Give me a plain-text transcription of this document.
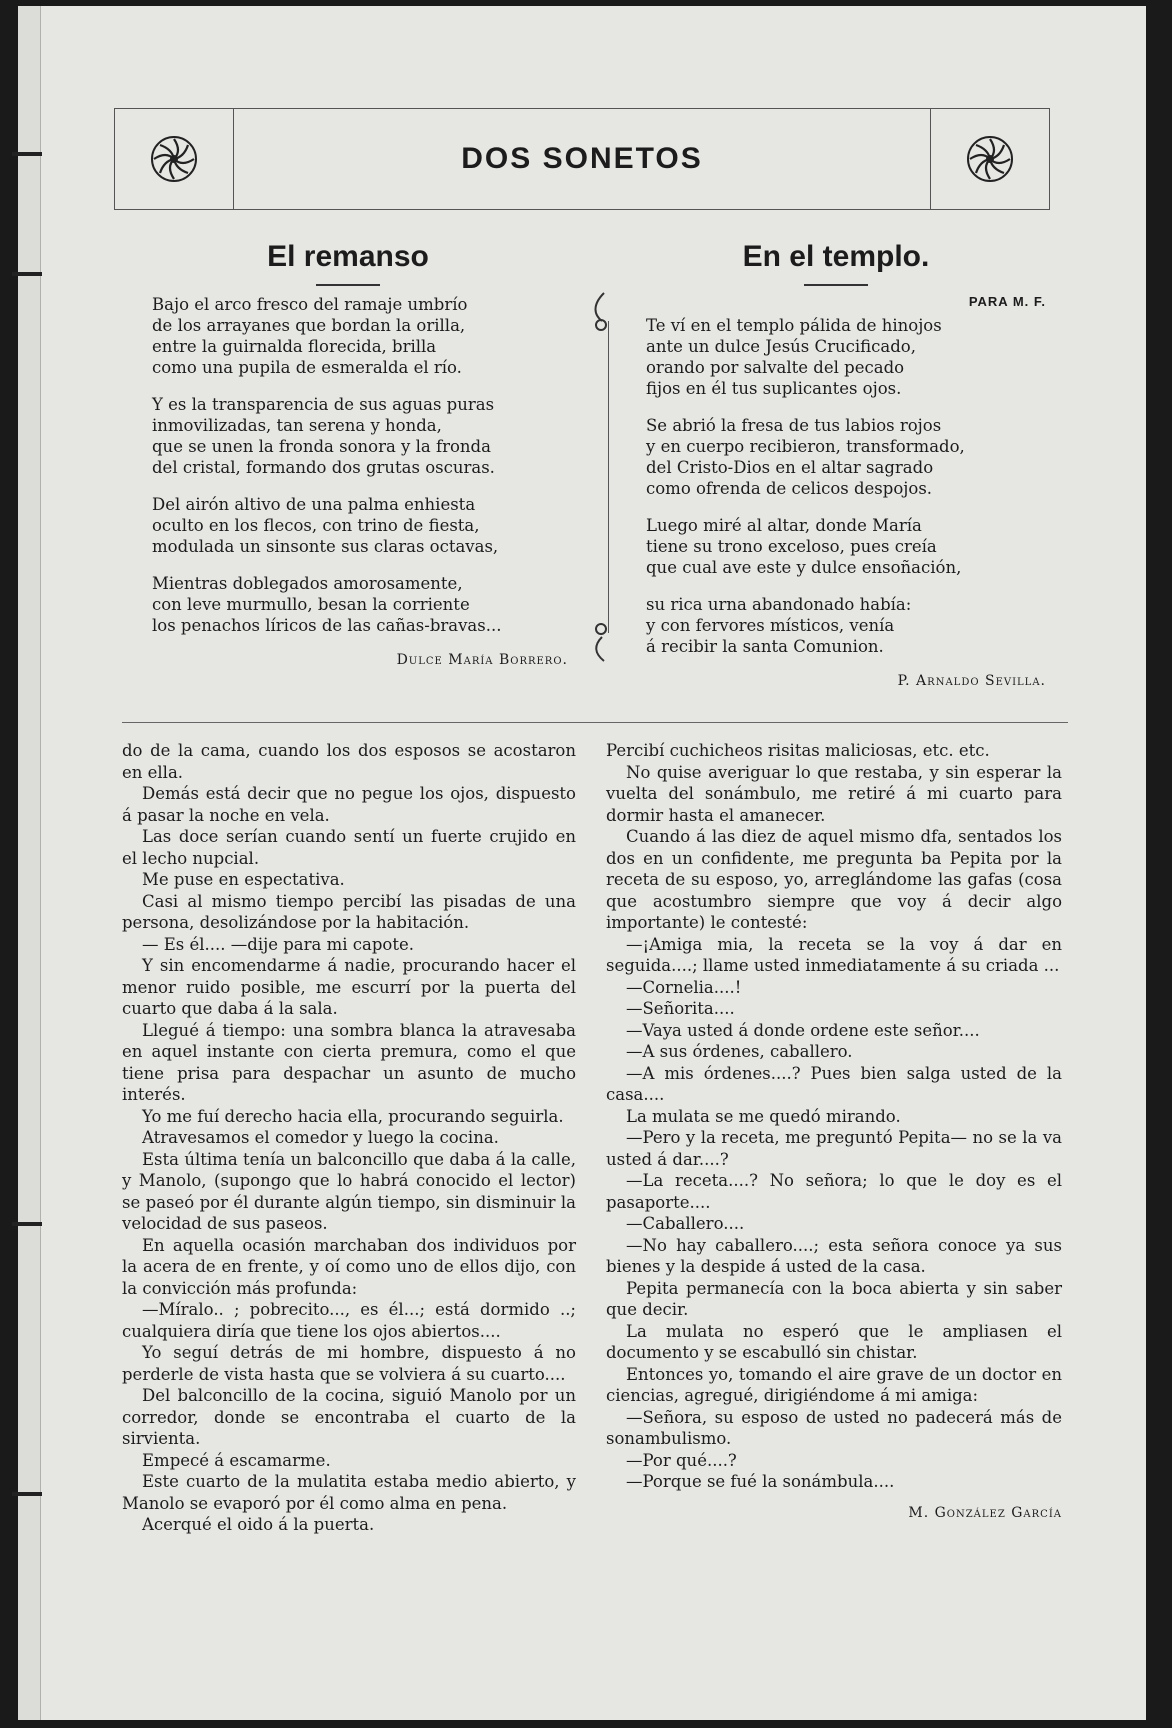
DOS SONETOS
El remanso
Bajo el arco fresco del ramaje umbrío
de los arrayanes que bordan la orilla,
entre la guirnalda florecida, brilla
como una pupila de esmeralda el río.
Y es la transparencia de sus aguas puras
inmovilizadas, tan serena y honda,
que se unen la fronda sonora y la fronda
del cristal, formando dos grutas oscuras.
Del airón altivo de una palma enhiesta
oculto en los flecos, con trino de fiesta,
modulada un sinsonte sus claras octavas,
Mientras doblegados amorosamente,
con leve murmullo, besan la corriente
los penachos líricos de las cañas-bravas...
Dulce María Borrero.
En el templo.
PARA M. F.
Te ví en el templo pálida de hinojos
ante un dulce Jesús Crucificado,
orando por salvalte del pecado
fijos en él tus suplicantes ojos.
Se abrió la fresa de tus labios rojos
y en cuerpo recibieron, transformado,
del Cristo-Dios en el altar sagrado
como ofrenda de celicos despojos.
Luego miré al altar, donde María
tiene su trono exceloso, pues creía
que cual ave este y dulce ensoñación,
su rica urna abandonado había:
y con fervores místicos, venía
á recibir la santa Comunion.
P. Arnaldo Sevilla.

do de la cama, cuando los dos esposos se acostaron en ella.

Demás está decir que no pegue los ojos, dispuesto á pasar la noche en vela.

Las doce serían cuando sentí un fuerte crujido en el lecho nupcial.

Me puse en espectativa.

Casi al mismo tiempo percibí las pisadas de una persona, desolizándose por la habitación.

— Es él.... —dije para mi capote.

Y sin encomendarme á nadie, procurando hacer el menor ruido posible, me escurrí por la puerta del cuarto que daba á la sala.

Llegué á tiempo: una sombra blanca la atravesaba en aquel instante con cierta premura, como el que tiene prisa para despachar un asunto de mucho interés.

Yo me fuí derecho hacia ella, procurando seguirla.

Atravesamos el comedor y luego la cocina.

Esta última tenía un balconcillo que daba á la calle, y Manolo, (supongo que lo habrá conocido el lector) se paseó por él durante algún tiempo, sin disminuir la velocidad de sus paseos.

En aquella ocasión marchaban dos individuos por la acera de en frente, y oí como uno de ellos dijo, con la convicción más profunda:

—Míralo.. ; pobrecito..., es él...; está dormido ..; cualquiera diría que tiene los ojos abiertos....

Yo seguí detrás de mi hombre, dispuesto á no perderle de vista hasta que se volviera á su cuarto....

Del balconcillo de la cocina, siguió Manolo por un corredor, donde se encontraba el cuarto de la sirvienta.

Empecé á escamarme.

Este cuarto de la mulatita estaba medio abierto, y Manolo se evaporó por él como alma en pena.

Acerqué el oido á la puerta.

Percibí cuchicheos risitas maliciosas, etc. etc.

No quise averiguar lo que restaba, y sin esperar la vuelta del sonámbulo, me retiré á mi cuarto para dormir hasta el amanecer.

Cuando á las diez de aquel mismo dfa, sentados los dos en un confidente, me pregunta ba Pepita por la receta de su esposo, yo, arreglándome las gafas (cosa que acostumbro siempre que voy á decir algo importante) le contesté:

—¡Amiga mia, la receta se la voy á dar en seguida....; llame usted inmediatamente á su criada ...

—Cornelia....!

—Señorita....

—Vaya usted á donde ordene este señor....

—A sus órdenes, caballero.

—A mis órdenes....? Pues bien salga usted de la casa....

La mulata se me quedó mirando.

—Pero y la receta, me preguntó Pepita— no se la va usted á dar....?

—La receta....? No señora; lo que le doy es el pasaporte....

—Caballero....

—No hay caballero....; esta señora conoce ya sus bienes y la despide á usted de la casa.

Pepita permanecía con la boca abierta y sin saber que decir.

La mulata no esperó que le ampliasen el documento y se escabulló sin chistar.

Entonces yo, tomando el aire grave de un doctor en ciencias, agregué, dirigiéndome á mi amiga:

—Señora, su esposo de usted no padecerá más de sonambulismo.

—Por qué....?

—Porque se fué la sonámbula....

M. González García
